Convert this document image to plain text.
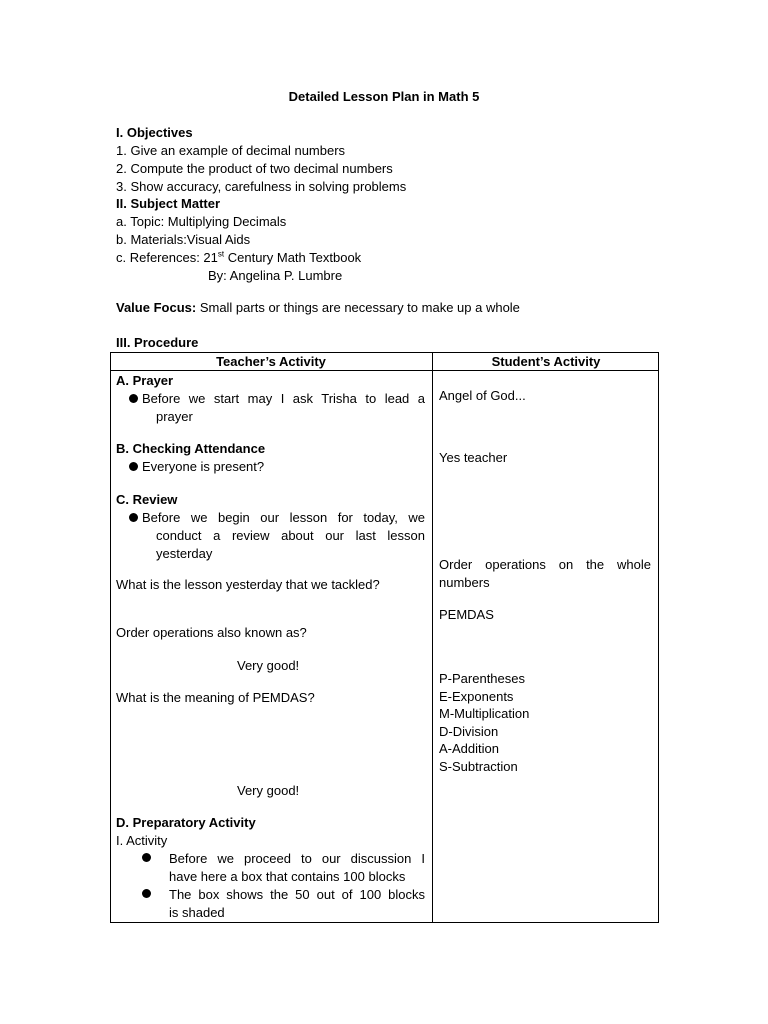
Detailed Lesson Plan in Math 5
I. Objectives
1. Give an example of decimal numbers
2. Compute the product of two decimal numbers
3. Show accuracy, carefulness in solving problems
II. Subject Matter
a. Topic: Multiplying Decimals
b. Materials:Visual Aids
c. References: 21st Century Math Textbook
By: Angelina P. Lumbre
Value Focus: Small parts or things are necessary to make up a whole
III. Procedure
Teacher’s Activity	Student’s Activity
A. Prayer
Before we start may I ask Trisha to lead a
prayer
B. Checking Attendance
Everyone is present?
C. Review
Before we begin our lesson for today, we
conduct a review about our last lesson
yesterday
What is the lesson yesterday that we tackled?
Order operations also known as?
Very good!
What is the meaning of PEMDAS?
Very good!
D. Preparatory Activity
I. Activity
Before we proceed to our discussion I
have here a box that contains 100 blocks
The box shows the 50 out of 100 blocks
is shaded
Angel of God...
Yes teacher
Order operations on the whole
numbers
PEMDAS
P-Parentheses
E-Exponents
M-Multiplication
D-Division
A-Addition
S-Subtraction
